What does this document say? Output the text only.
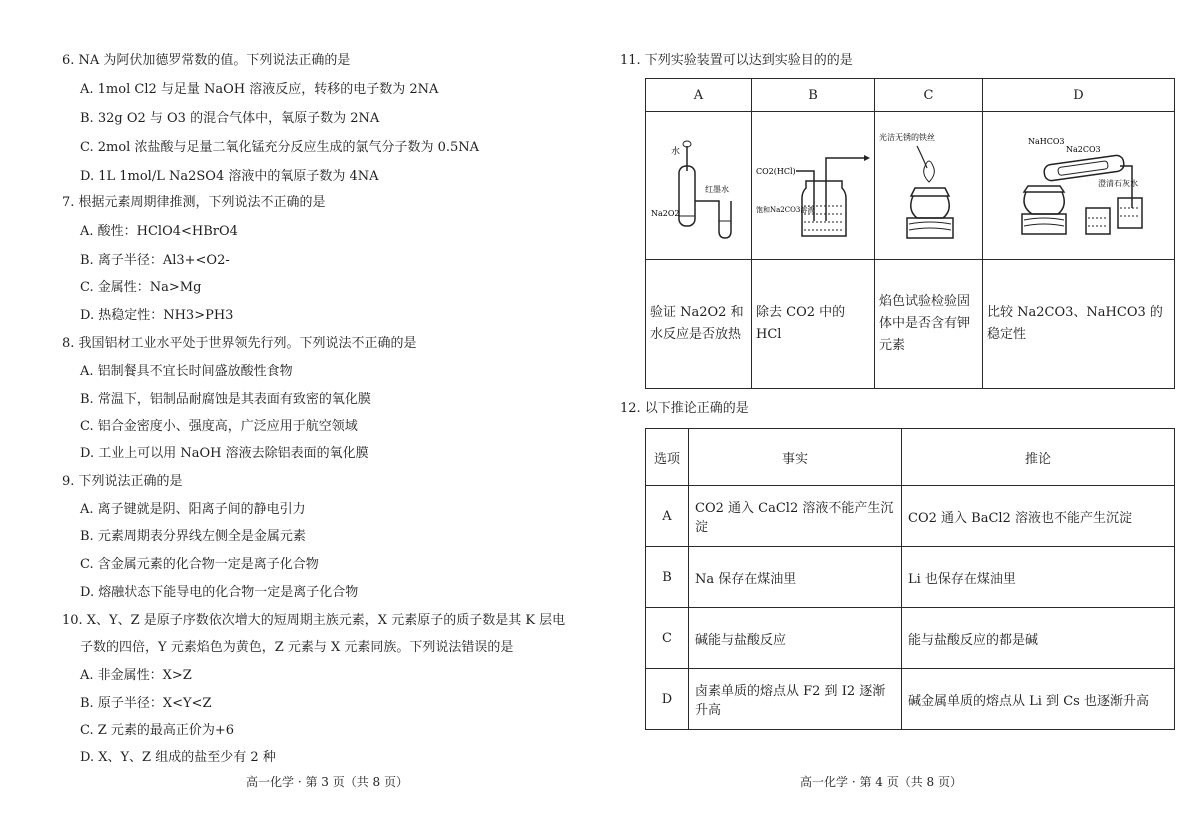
6. NA 为阿伏加德罗常数的值。下列说法正确的是
A. 1mol Cl2 与足量 NaOH 溶液反应，转移的电子数为 2NA
B. 32g O2 与 O3 的混合气体中，氧原子数为 2NA
C. 2mol 浓盐酸与足量二氧化锰充分反应生成的氯气分子数为 0.5NA
D. 1L 1mol/L Na2SO4 溶液中的氧原子数为 4NA
7. 根据元素周期律推测，下列说法不正确的是
A. 酸性：HClO4<HBrO4
B. 离子半径：Al3+<O2-
C. 金属性：Na>Mg
D. 热稳定性：NH3>PH3
8. 我国铝材工业水平处于世界领先行列。下列说法不正确的是
A. 铝制餐具不宜长时间盛放酸性食物
B. 常温下，铝制品耐腐蚀是其表面有致密的氧化膜
C. 铝合金密度小、强度高，广泛应用于航空领域
D. 工业上可以用 NaOH 溶液去除铝表面的氧化膜
9. 下列说法正确的是
A. 离子键就是阴、阳离子间的静电引力
B. 元素周期表分界线左侧全是金属元素
C. 含金属元素的化合物一定是离子化合物
D. 熔融状态下能导电的化合物一定是离子化合物
10. X、Y、Z 是原子序数依次增大的短周期主族元素，X 元素原子的质子数是其 K 层电
子数的四倍，Y 元素焰色为黄色，Z 元素与 X 元素同族。下列说法错误的是
A. 非金属性：X>Z
B. 原子半径：X<Y<Z
C. Z 元素的最高正价为+6
D. X、Y、Z 组成的盐至少有 2 种
高一化学 · 第 3 页（共 8 页）
11. 下列实验装置可以达到实验目的的是
A	B	C	D

水
Na2O2
红墨水	CO2(HCl)
饱和Na2CO3溶液	光洁无锈的铁丝	NaHCO3
Na2CO3
澄清石灰水

验证 Na2O2 和水反应是否放热	除去 CO2 中的 HCl	焰色试验检验固体中是否含有钾元素	比较 Na2CO3、NaHCO3 的稳定性
12. 以下推论正确的是
选项	事实	推论
A	CO2 通入 CaCl2 溶液不能产生沉淀	CO2 通入 BaCl2 溶液也不能产生沉淀
B	Na 保存在煤油里	Li 也保存在煤油里
C	碱能与盐酸反应	能与盐酸反应的都是碱
D	卤素单质的熔点从 F2 到 I2 逐渐升高	碱金属单质的熔点从 Li 到 Cs 也逐渐升高
高一化学 · 第 4 页（共 8 页）
